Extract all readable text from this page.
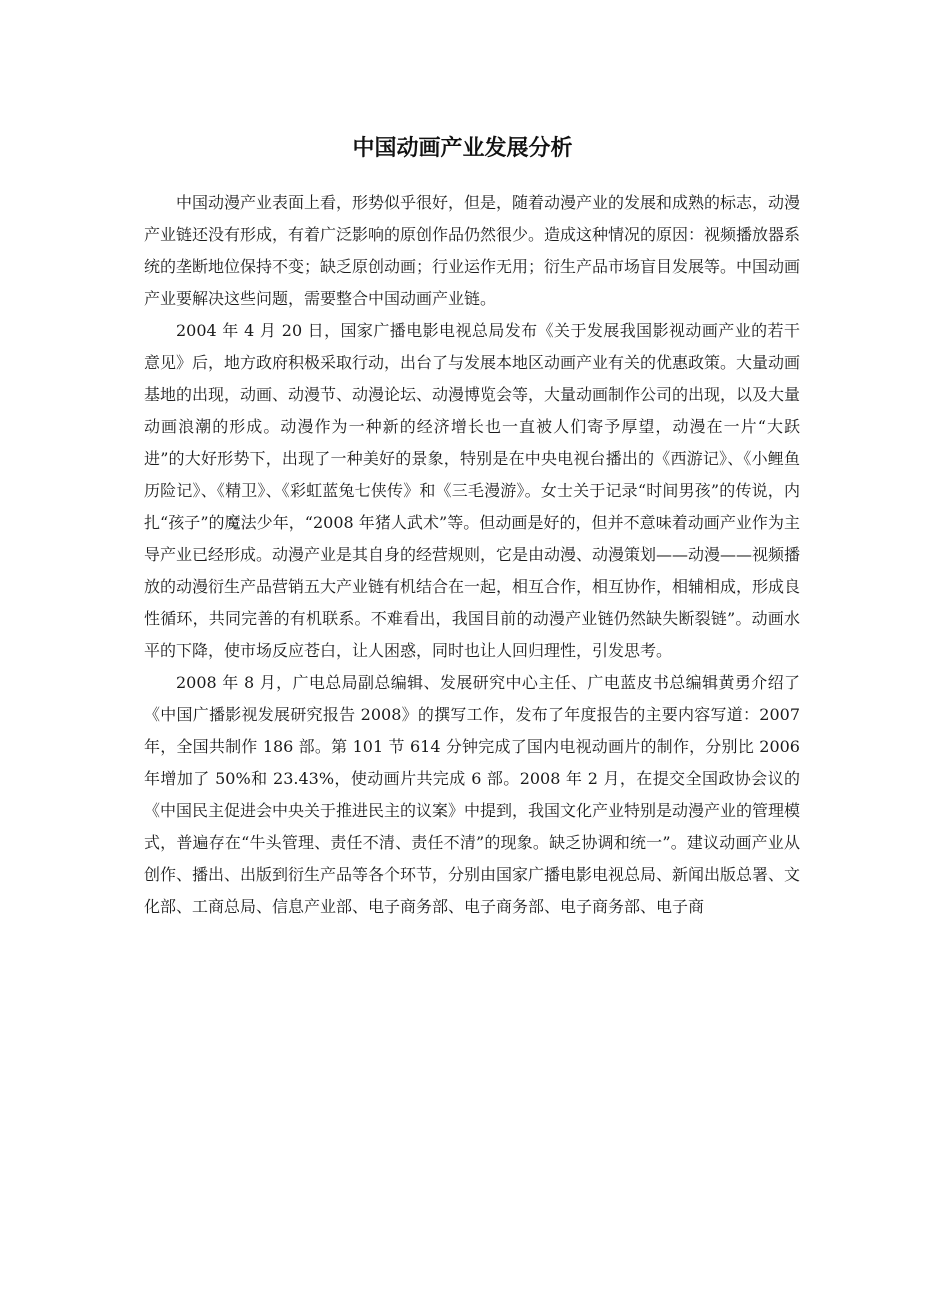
中国动画产业发展分析

中国动漫产业表面上看，形势似乎很好，但是，随着动漫产业的发展和成熟的标志，动漫产业链还没有形成，有着广泛影响的原创作品仍然很少。造成这种情况的原因：视频播放器系统的垄断地位保持不变；缺乏原创动画；行业运作无用；衍生产品市场盲目发展等。中国动画产业要解决这些问题，需要整合中国动画产业链。

2004 年 4 月 20 日，国家广播电影电视总局发布《关于发展我国影视动画产业的若干意见》后，地方政府积极采取行动，出台了与发展本地区动画产业有关的优惠政策。大量动画基地的出现，动画、动漫节、动漫论坛、动漫博览会等，大量动画制作公司的出现，以及大量动画浪潮的形成。动漫作为一种新的经济增长也一直被人们寄予厚望，动漫在一片“大跃进”的大好形势下，出现了一种美好的景象，特别是在中央电视台播出的《西游记》、《小鲤鱼历险记》、《精卫》、《彩虹蓝兔七侠传》和《三毛漫游》。女士关于记录“时间男孩”的传说，内扎“孩子”的魔法少年，“2008 年猪人武术”等。但动画是好的，但并不意味着动画产业作为主导产业已经形成。动漫产业是其自身的经营规则，它是由动漫、动漫策划——动漫——视频播放的动漫衍生产品营销五大产业链有机结合在一起，相互合作，相互协作，相辅相成，形成良性循环，共同完善的有机联系。不难看出，我国目前的动漫产业链仍然缺失断裂链”。动画水平的下降，使市场反应苍白，让人困惑，同时也让人回归理性，引发思考。

2008 年 8 月，广电总局副总编辑、发展研究中心主任、广电蓝皮书总编辑黄勇介绍了《中国广播影视发展研究报告 2008》的撰写工作，发布了年度报告的主要内容写道：2007 年，全国共制作 186 部。第 101 节 614 分钟完成了国内电视动画片的制作，分别比 2006 年增加了 50%和 23.43%，使动画片共完成 6 部。2008 年 2 月，在提交全国政协会议的《中国民主促进会中央关于推进民主的议案》中提到，我国文化产业特别是动漫产业的管理模式，普遍存在“牛头管理、责任不清、责任不清”的现象。缺乏协调和统一”。建议动画产业从创作、播出、出版到衍生产品等各个环节，分别由国家广播电影电视总局、新闻出版总署、文化部、工商总局、信息产业部、电子商务部、电子商务部、电子商务部、电子商
